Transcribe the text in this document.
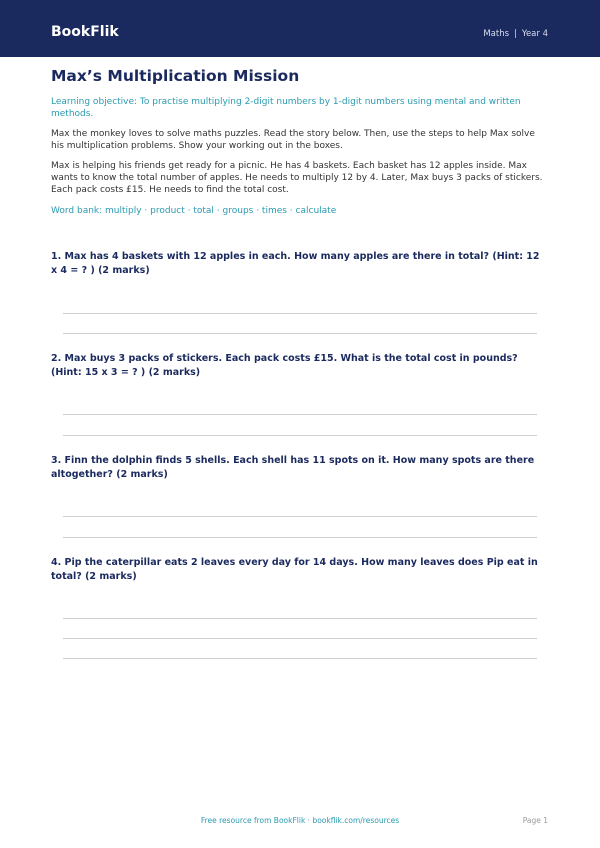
BookFlik	Maths | Year 4
Max’s Multiplication Mission
Learning objective: To practise multiplying 2-digit numbers by 1-digit numbers using mental and written methods.
Max the monkey loves to solve maths puzzles. Read the story below. Then, use the steps to help Max solve his multiplication problems. Show your working out in the boxes.
Max is helping his friends get ready for a picnic. He has 4 baskets. Each basket has 12 apples inside. Max wants to know the total number of apples. He needs to multiply 12 by 4. Later, Max buys 3 packs of stickers. Each pack costs £15. He needs to find the total cost.
Word bank: multiply · product · total · groups · times · calculate
1. Max has 4 baskets with 12 apples in each. How many apples are there in total? (Hint: 12 x 4 = ? ) (2 marks)
2. Max buys 3 packs of stickers. Each pack costs £15. What is the total cost in pounds? (Hint: 15 x 3 = ? ) (2 marks)
3. Finn the dolphin finds 5 shells. Each shell has 11 spots on it. How many spots are there altogether? (2 marks)
4. Pip the caterpillar eats 2 leaves every day for 14 days. How many leaves does Pip eat in total? (2 marks)
Free resource from BookFlik · bookflik.com/resources	Page 1
